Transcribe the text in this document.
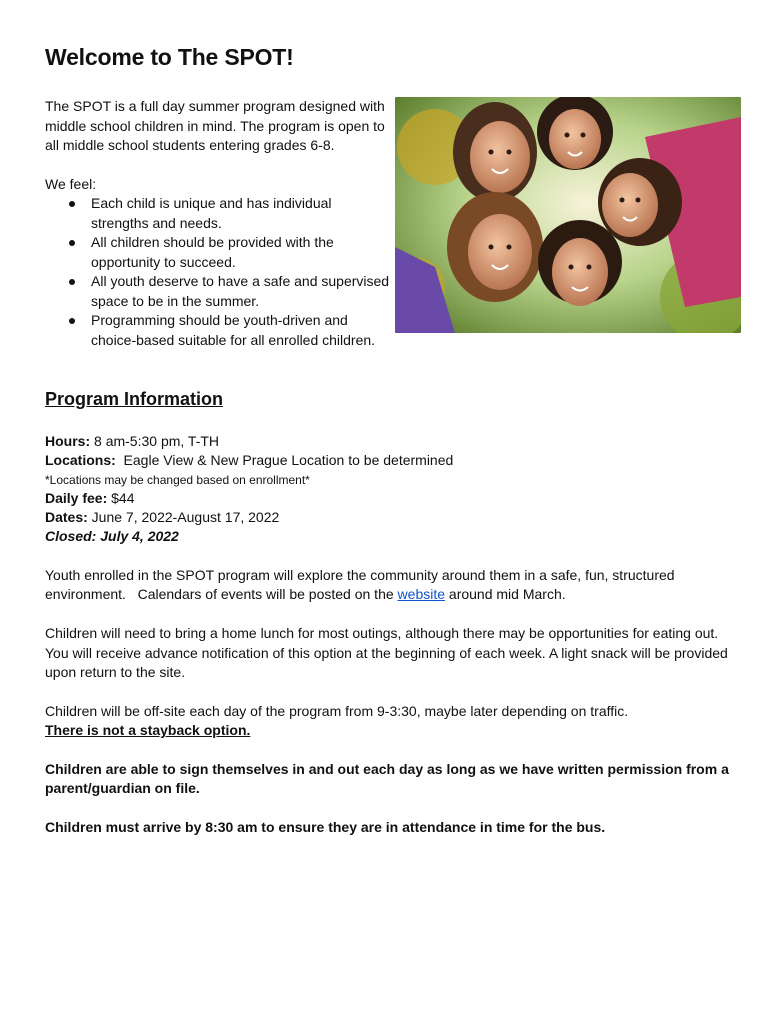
Welcome to The SPOT!

The SPOT is a full day summer program designed with middle school children in mind. The program is open to all middle school students entering grades 6-8.

We feel:

Each child is unique and has individual strengths and needs.
All children should be provided with the opportunity to succeed.
All youth deserve to have a safe and supervised space to be in the summer.
Programming should be youth-driven and choice-based suitable for all enrolled children.
Program Information

Hours: 8 am-5:30 pm, T-TH

Locations:  Eagle View & New Prague Location to be determined

*Locations may be changed based on enrollment*

Daily fee: $44

Dates: June 7, 2022-August 17, 2022

Closed: July 4, 2022

Youth enrolled in the SPOT program will explore the community around them in a safe, fun, structured environment.   Calendars of events will be posted on the website around mid March.

Children will need to bring a home lunch for most outings, although there may be opportunities for eating out. You will receive advance notification of this option at the beginning of each week. A light snack will be provided upon return to the site.

Children will be off-site each day of the program from 9-3:30, maybe later depending on traffic.
There is not a stayback option.

Children are able to sign themselves in and out each day as long as we have written permission from a parent/guardian on file.

Children must arrive by 8:30 am to ensure they are in attendance in time for the bus.
